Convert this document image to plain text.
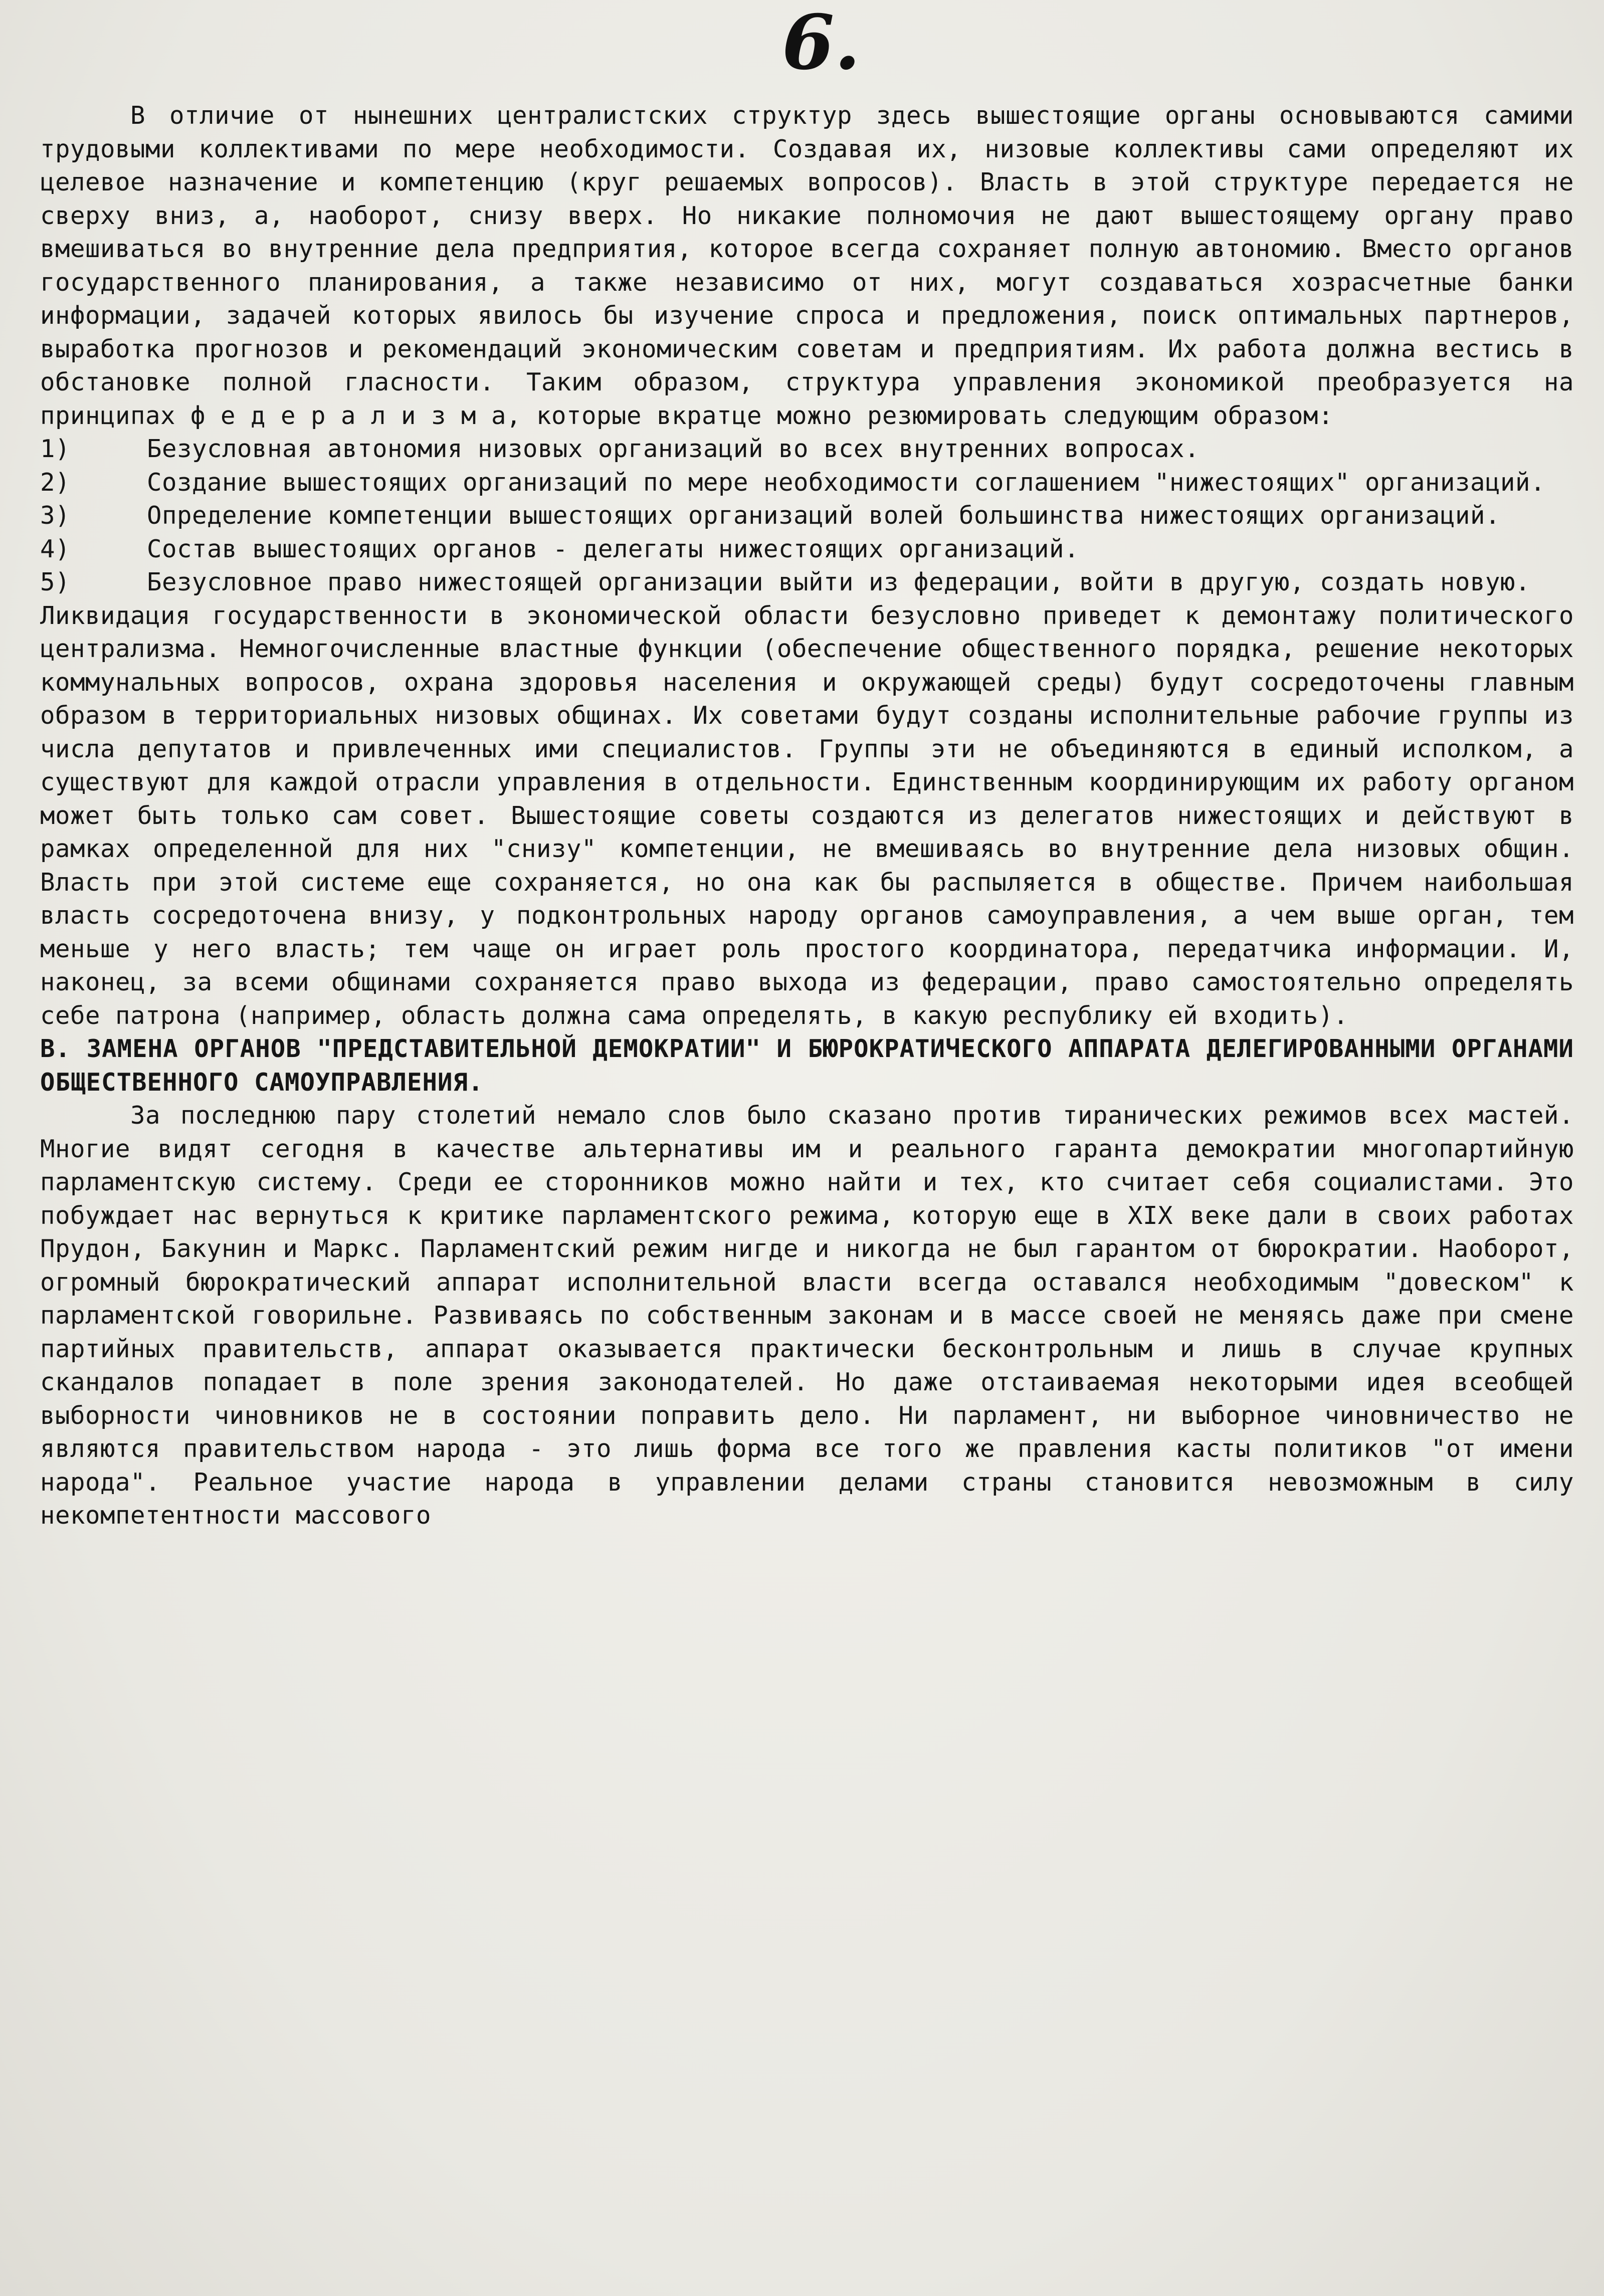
6.

В отличие от нынешних централистских структур здесь вышестоящие органы основываются самими трудовыми коллективами по мере необходимости. Создавая их, низовые коллективы сами определяют их целевое назначение и компетенцию (круг решаемых вопросов). Власть в этой структуре передается не сверху вниз, а, наоборот, снизу вверх. Но никакие полномочия не дают вышестоящему органу право вмешиваться во внутренние дела предприятия, которое всегда сохраняет полную автономию. Вместо органов государственного планирования, а также независимо от них, могут создаваться хозрасчетные банки информации, задачей которых явилось бы изучение спроса и предложения, поиск оптимальных партнеров, выработка прогнозов и рекомендаций экономическим советам и предприятиям. Их работа должна вестись в обстановке полной гласности. Таким образом, структура управления экономикой преобразуется на принципах ф е д е р а л и з м а, которые вкратце можно резюмировать следующим образом:

1)	Безусловная автономия низовых организаций во всех внутренних вопросах.
2)	Создание вышестоящих организаций по мере необходимости соглашением "нижестоящих" организаций.
3)	Определение компетенции вышестоящих организаций волей большинства нижестоящих организаций.
4)	Состав вышестоящих органов - делегаты нижестоящих организаций.
5)	Безусловное право нижестоящей организации выйти из федерации, войти в другую, создать новую.

Ликвидация государственности в экономической области безусловно приведет к демонтажу политического централизма. Немногочисленные властные функции (обеспечение общественного порядка, решение некоторых коммунальных вопросов, охрана здоровья населения и окружающей среды) будут сосредоточены главным образом в территориальных низовых общинах. Их советами будут созданы исполнительные рабочие группы из числа депутатов и привлеченных ими специалистов. Группы эти не объединяются в единый исполком, а существуют для каждой отрасли управления в отдельности. Единственным координирующим их работу органом может быть только сам совет. Вышестоящие советы создаются из делегатов нижестоящих и действуют в рамках определенной для них "снизу" компетенции, не вмешиваясь во внутренние дела низовых общин. Власть при этой системе еще сохраняется, но она как бы распыляется в обществе. Причем наибольшая власть сосредоточена внизу, у подконтрольных народу органов самоуправления, а чем выше орган, тем меньше у него власть; тем чаще он играет роль простого координатора, передатчика информации. И, наконец, за всеми общинами сохраняется право выхода из федерации, право самостоятельно определять себе патрона (например, область должна сама определять, в какую республику ей входить).

В. ЗАМЕНА ОРГАНОВ "ПРЕДСТАВИТЕЛЬНОЙ ДЕМОКРАТИИ" И БЮРОКРАТИЧЕСКОГО АППАРАТА ДЕЛЕГИРОВАННЫМИ ОРГАНАМИ ОБЩЕСТВЕННОГО САМОУПРАВЛЕНИЯ.

За последнюю пару столетий немало слов было сказано против тиранических режимов всех мастей. Многие видят сегодня в качестве альтернативы им и реального гаранта демократии многопартийную парламентскую систему. Среди ее сторонников можно найти и тех, кто считает себя социалистами. Это побуждает нас вернуться к критике парламентского режима, которую еще в XIX веке дали в своих работах Прудон, Бакунин и Маркс. Парламентский режим нигде и никогда не был гарантом от бюрократии. Наоборот, огромный бюрократический аппарат исполнительной власти всегда оставался необходимым "довеском" к парламентской говорильне. Развиваясь по собственным законам и в массе своей не меняясь даже при смене партийных правительств, аппарат оказывается практически бесконтрольным и лишь в случае крупных скандалов попадает в поле зрения законодателей. Но даже отстаиваемая некоторыми идея всеобщей выборности чиновников не в состоянии поправить дело. Ни парламент, ни выборное чиновничество не являются правительством народа - это лишь форма все того же правления касты политиков "от имени народа". Реальное участие народа в управлении делами страны становится невозможным в силу некомпетентности массового
